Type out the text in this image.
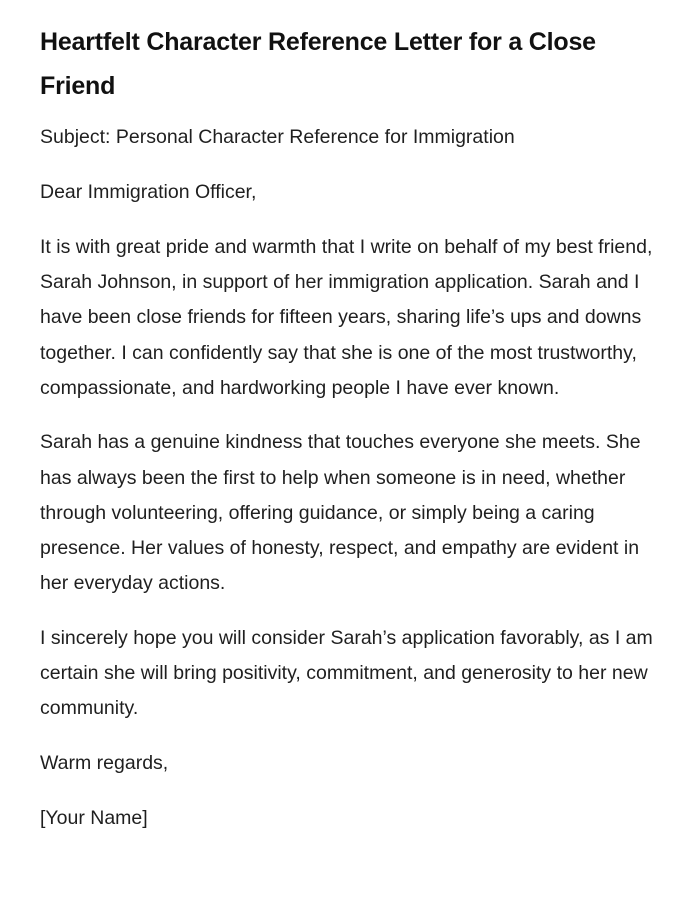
Heartfelt Character Reference Letter for a Close Friend

Subject: Personal Character Reference for Immigration

Dear Immigration Officer,

It is with great pride and warmth that I write on behalf of my best friend, Sarah Johnson, in support of her immigration application. Sarah and I have been close friends for fifteen years, sharing life’s ups and downs together. I can confidently say that she is one of the most trustworthy, compassionate, and hardworking people I have ever known.

Sarah has a genuine kindness that touches everyone she meets. She has always been the first to help when someone is in need, whether through volunteering, offering guidance, or simply being a caring presence. Her values of honesty, respect, and empathy are evident in her everyday actions.

I sincerely hope you will consider Sarah’s application favorably, as I am certain she will bring positivity, commitment, and generosity to her new community.

Warm regards,

[Your Name]
